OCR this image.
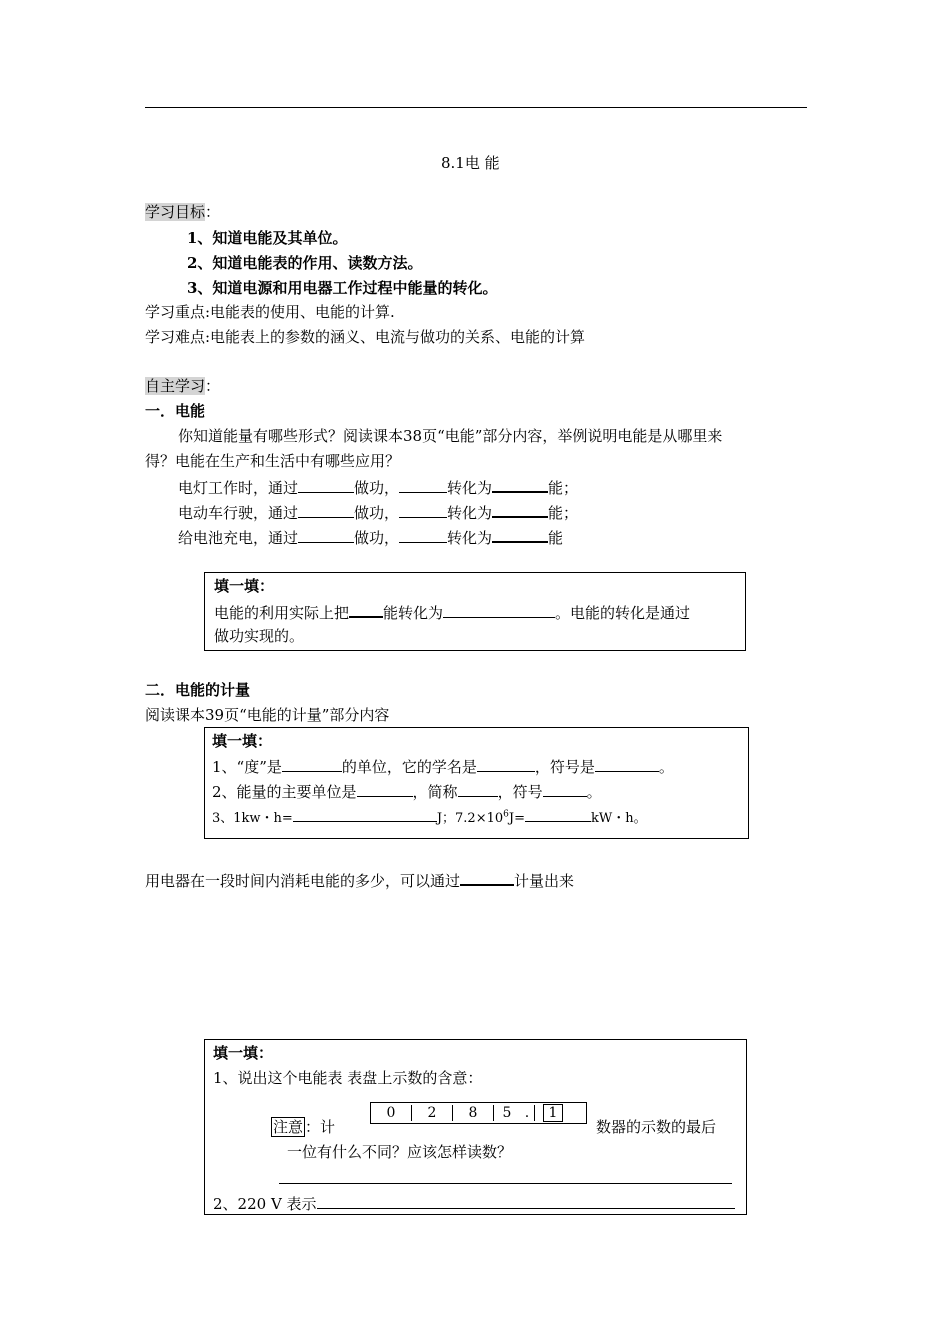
8.1电 能
学习目标：
1、知道电能及其单位。
2、知道电能表的作用、读数方法。
3、知道电源和用电器工作过程中能量的转化。
学习重点:电能表的使用、电能的计算.
学习难点:电能表上的参数的涵义、电流与做功的关系、电能的计算
自主学习：
一．电能
你知道能量有哪些形式？阅读课本38页“电能”部分内容，举例说明电能是从哪里来
得？电能在生产和生活中有哪些应用？
电灯工作时，通过	做功，	转化为	能；
电动车行驶，通过	做功，	转化为	能；
给电池充电，通过	做功，	转化为	能
填一填：
电能的利用实际上把 能转化为	。电能的转化是通过
做功实现的。
二．电能的计量
阅读课本39页“电能的计量”部分内容
填一填：
1、“度”是	的单位，它的学名是	，符号是	。
2、能量的主要单位是	，简称	，符号	。
3、1kw・h=	J；$7.2\times 10^6J=$	kW・h。
用电器在一段时间内消耗电能的多少，可以通过	计量出来
填一填：
1、说出这个电能表 表盘上示数的含意：
注意 ：计
0	2	8	5 .	1
数器的示数的最后
一位有什么不同？应该怎样读数？
2、220 V 表示
